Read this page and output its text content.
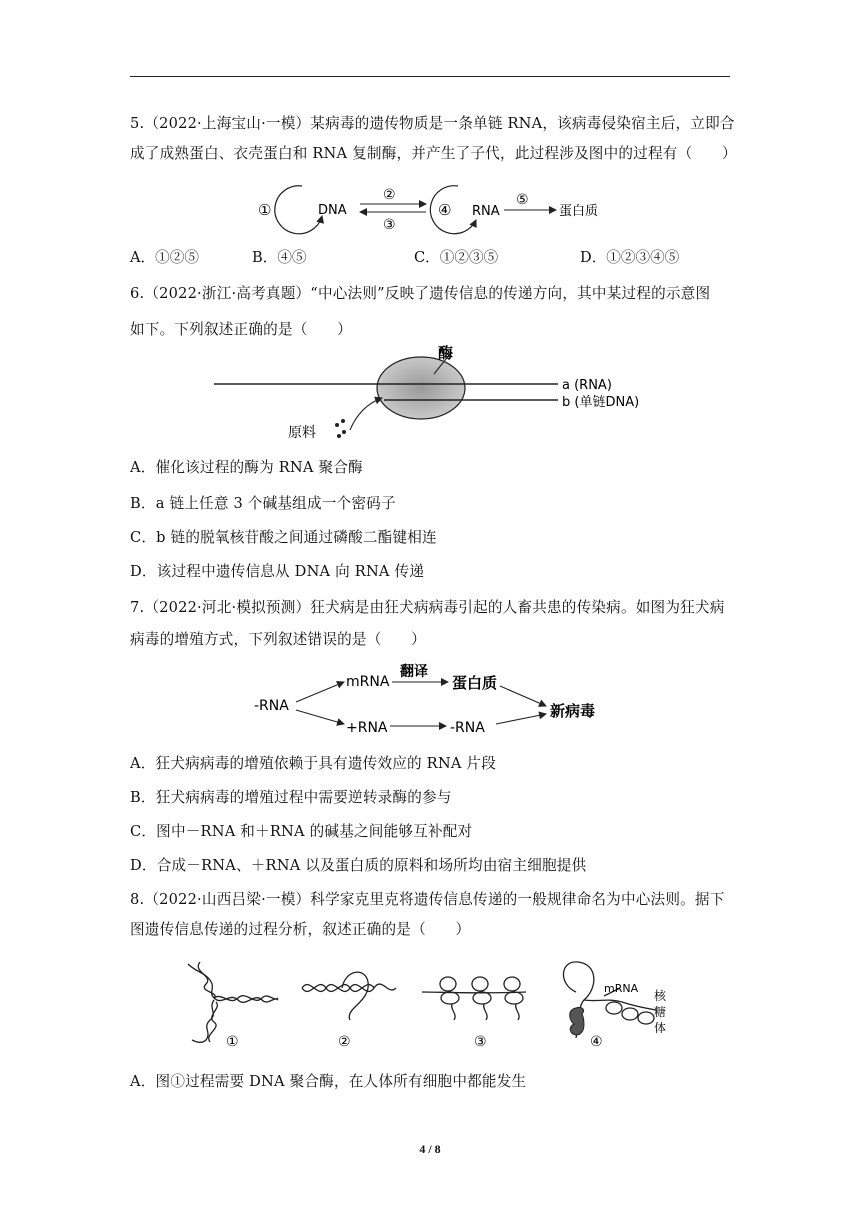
5.（2022·上海宝山·一模）某病毒的遗传物质是一条单链 RNA，该病毒侵染宿主后，立即合
成了成熟蛋白、衣壳蛋白和 RNA 复制酶，并产生了子代，此过程涉及图中的过程有（　　）
①	DNA
②
③
④ RNA
⑤
蛋白质
A．①②⑤	B．④⑤	C．①②③⑤	D．①②③④⑤
6.（2022·浙江·高考真题）“中心法则”反映了遗传信息的传递方向，其中某过程的示意图
如下。下列叙述正确的是（　　）
酶
a (RNA)
b (单链DNA)
原料
A．催化该过程的酶为 RNA 聚合酶
B．a 链上任意 3 个碱基组成一个密码子
C．b 链的脱氧核苷酸之间通过磷酸二酯键相连
D．该过程中遗传信息从 DNA 向 RNA 传递
7.（2022·河北·模拟预测）狂犬病是由狂犬病病毒引起的人畜共患的传染病。如图为狂犬病
病毒的增殖方式，下列叙述错误的是（　　）
-RNA
mRNA
翻译
蛋白质
+RNA	-RNA
新病毒
A．狂犬病病毒的增殖依赖于具有遗传效应的 RNA 片段
B．狂犬病病毒的增殖过程中需要逆转录酶的参与
C．图中－RNA 和＋RNA 的碱基之间能够互补配对
D．合成－RNA、＋RNA 以及蛋白质的原料和场所均由宿主细胞提供
8.（2022·山西吕梁·一模）科学家克里克将遗传信息传递的一般规律命名为中心法则。据下
图遗传信息传递的过程分析，叙述正确的是（　　）
①	②	③
mRNA
核
糖
体
④
A．图①过程需要 DNA 聚合酶，在人体所有细胞中都能发生
4 / 8
